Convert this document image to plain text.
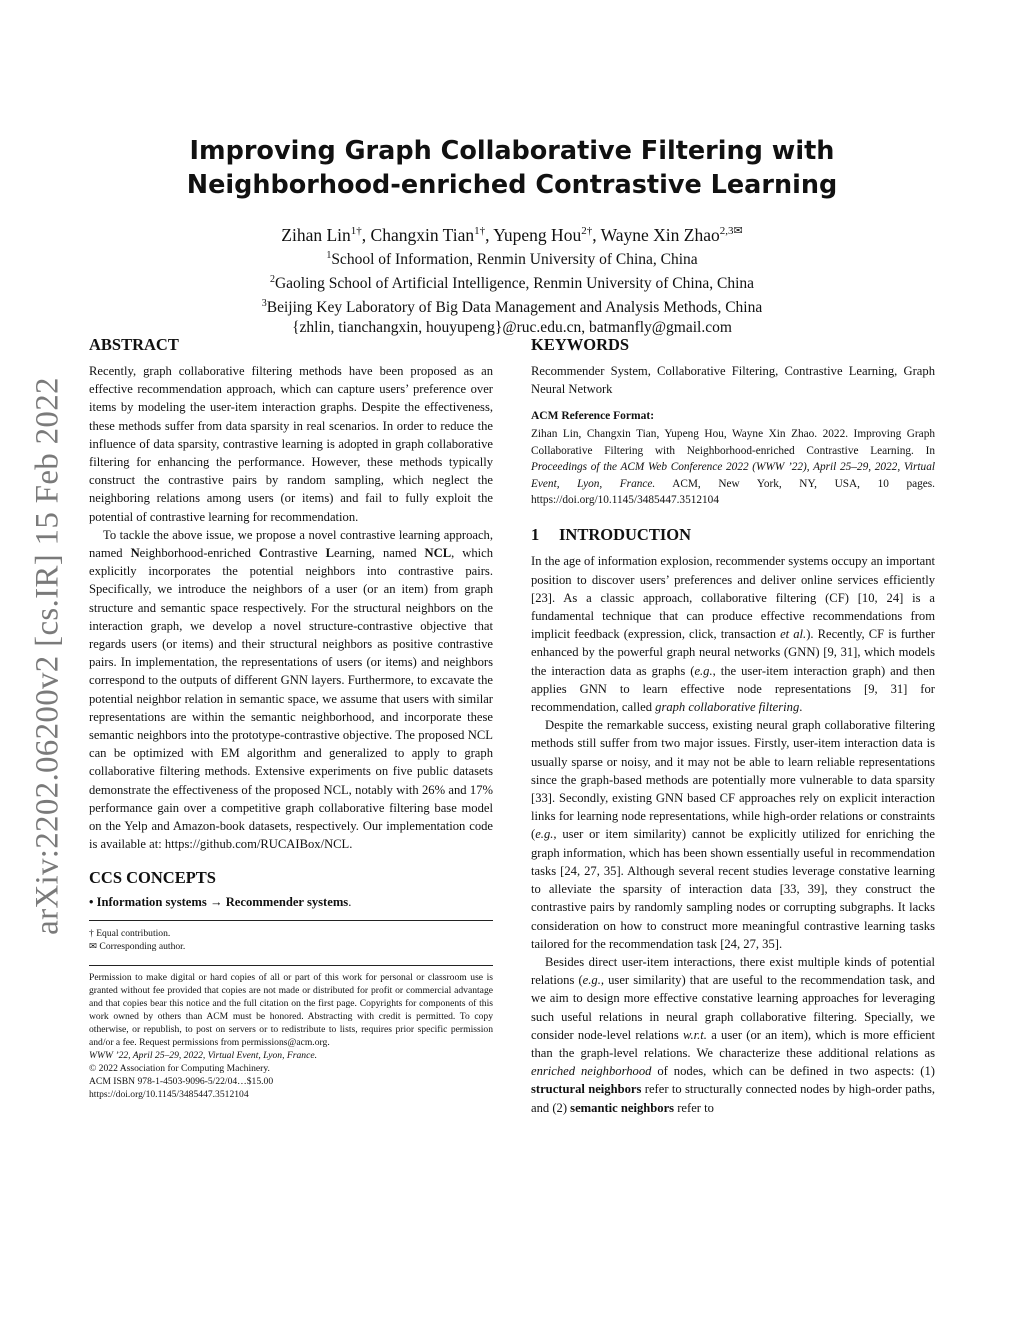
arXiv:2202.06200v2 [cs.IR] 15 Feb 2022
Improving Graph Collaborative Filtering with
Neighborhood-enriched Contrastive Learning
Zihan Lin$^{1\dagger}$, Changxin Tian$^{1\dagger}$, Yupeng Hou$^{2\dagger}$, Wayne Xin Zhao$^{2,3✉}$
$^1$School of Information, Renmin University of China, China
$^2$Gaoling School of Artificial Intelligence, Renmin University of China, China
$^3$Beijing Key Laboratory of Big Data Management and Analysis Methods, China
{zhlin, tianchangxin, houyupeng}@ruc.edu.cn, batmanfly@gmail.com
ABSTRACT

Recently, graph collaborative filtering methods have been proposed as an effective recommendation approach, which can capture users’ preference over items by modeling the user-item interaction graphs. Despite the effectiveness, these methods suffer from data sparsity in real scenarios. In order to reduce the influence of data sparsity, contrastive learning is adopted in graph collaborative filtering for enhancing the performance. However, these methods typically construct the contrastive pairs by random sampling, which neglect the neighboring relations among users (or items) and fail to fully exploit the potential of contrastive learning for recommendation.

To tackle the above issue, we propose a novel contrastive learning approach, named Neighborhood-enriched Contrastive Learning, named NCL, which explicitly incorporates the potential neighbors into contrastive pairs. Specifically, we introduce the neighbors of a user (or an item) from graph structure and semantic space respectively. For the structural neighbors on the interaction graph, we develop a novel structure-contrastive objective that regards users (or items) and their structural neighbors as positive contrastive pairs. In implementation, the representations of users (or items) and neighbors correspond to the outputs of different GNN layers. Furthermore, to excavate the potential neighbor relation in semantic space, we assume that users with similar representations are within the semantic neighborhood, and incorporate these semantic neighbors into the prototype-contrastive objective. The proposed NCL can be optimized with EM algorithm and generalized to apply to graph collaborative filtering methods. Extensive experiments on five public datasets demonstrate the effectiveness of the proposed NCL, notably with 26% and 17% performance gain over a competitive graph collaborative filtering base model on the Yelp and Amazon-book datasets, respectively. Our implementation code is available at: https://github.com/RUCAIBox/NCL.

CCS CONCEPTS

• Information systems → Recommender systems.

† Equal contribution.

✉ Corresponding author.

Permission to make digital or hard copies of all or part of this work for personal or classroom use is granted without fee provided that copies are not made or distributed for profit or commercial advantage and that copies bear this notice and the full citation on the first page. Copyrights for components of this work owned by others than ACM must be honored. Abstracting with credit is permitted. To copy otherwise, or republish, to post on servers or to redistribute to lists, requires prior specific permission and/or a fee. Request permissions from permissions@acm.org.

WWW ’22, April 25–29, 2022, Virtual Event, Lyon, France.

© 2022 Association for Computing Machinery.

ACM ISBN 978-1-4503-9096-5/22/04…$15.00

https://doi.org/10.1145/3485447.3512104

KEYWORDS

Recommender System, Collaborative Filtering, Contrastive Learning, Graph Neural Network

ACM Reference Format:

Zihan Lin, Changxin Tian, Yupeng Hou, Wayne Xin Zhao. 2022. Improving Graph Collaborative Filtering with Neighborhood-enriched Contrastive Learning. In Proceedings of the ACM Web Conference 2022 (WWW ’22), April 25–29, 2022, Virtual Event, Lyon, France. ACM, New York, NY, USA, 10 pages. https://doi.org/10.1145/3485447.3512104

1 INTRODUCTION

In the age of information explosion, recommender systems occupy an important position to discover users’ preferences and deliver online services efficiently [23]. As a classic approach, collaborative filtering (CF) [10, 24] is a fundamental technique that can produce effective recommendations from implicit feedback (expression, click, transaction et al.). Recently, CF is further enhanced by the powerful graph neural networks (GNN) [9, 31], which models the interaction data as graphs (e.g., the user-item interaction graph) and then applies GNN to learn effective node representations [9, 31] for recommendation, called graph collaborative filtering.

Despite the remarkable success, existing neural graph collaborative filtering methods still suffer from two major issues. Firstly, user-item interaction data is usually sparse or noisy, and it may not be able to learn reliable representations since the graph-based methods are potentially more vulnerable to data sparsity [33]. Secondly, existing GNN based CF approaches rely on explicit interaction links for learning node representations, while high-order relations or constraints (e.g., user or item similarity) cannot be explicitly utilized for enriching the graph information, which has been shown essentially useful in recommendation tasks [24, 27, 35]. Although several recent studies leverage constative learning to alleviate the sparsity of interaction data [33, 39], they construct the contrastive pairs by randomly sampling nodes or corrupting subgraphs. It lacks consideration on how to construct more meaningful contrastive learning tasks tailored for the recommendation task [24, 27, 35].

Besides direct user-item interactions, there exist multiple kinds of potential relations (e.g., user similarity) that are useful to the recommendation task, and we aim to design more effective constative learning approaches for leveraging such useful relations in neural graph collaborative filtering. Specially, we consider node-level relations w.r.t. a user (or an item), which is more efficient than the graph-level relations. We characterize these additional relations as enriched neighborhood of nodes, which can be defined in two aspects: (1) structural neighbors refer to structurally connected nodes by high-order paths, and (2) semantic neighbors refer to
